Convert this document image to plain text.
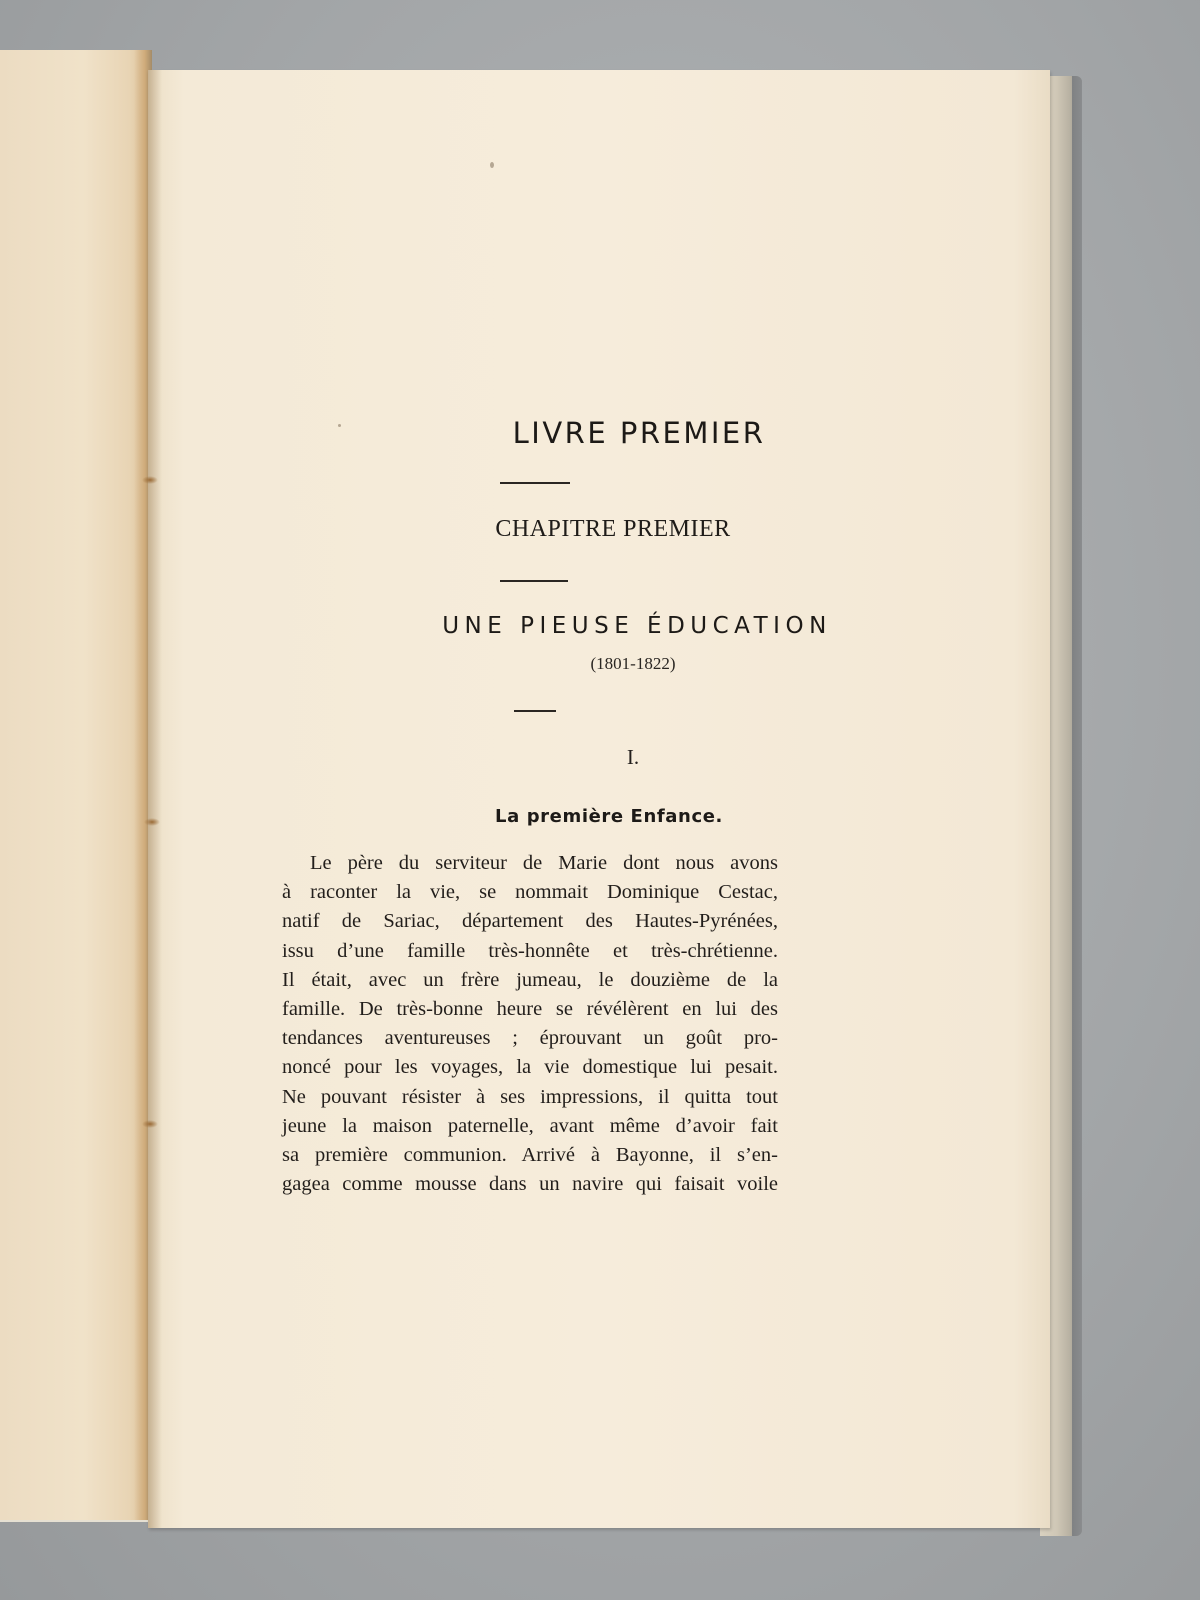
LIVRE PREMIER
CHAPITRE PREMIER
UNE PIEUSE ÉDUCATION
(1801-1822)
I.
La première Enfance.
Le père du serviteur de Marie dont nous avons
à raconter la vie, se nommait Dominique Cestac,
natif de Sariac, département des Hautes-Pyrénées,
issu d’une famille très-honnête et très-chrétienne.
Il était, avec un frère jumeau, le douzième de la
famille. De très-bonne heure se révélèrent en lui des
tendances aventureuses ; éprouvant un goût pro-
noncé pour les voyages, la vie domestique lui pesait.
Ne pouvant résister à ses impressions, il quitta tout
jeune la maison paternelle, avant même d’avoir fait
sa première communion. Arrivé à Bayonne, il s’en-
gagea comme mousse dans un navire qui faisait voile
